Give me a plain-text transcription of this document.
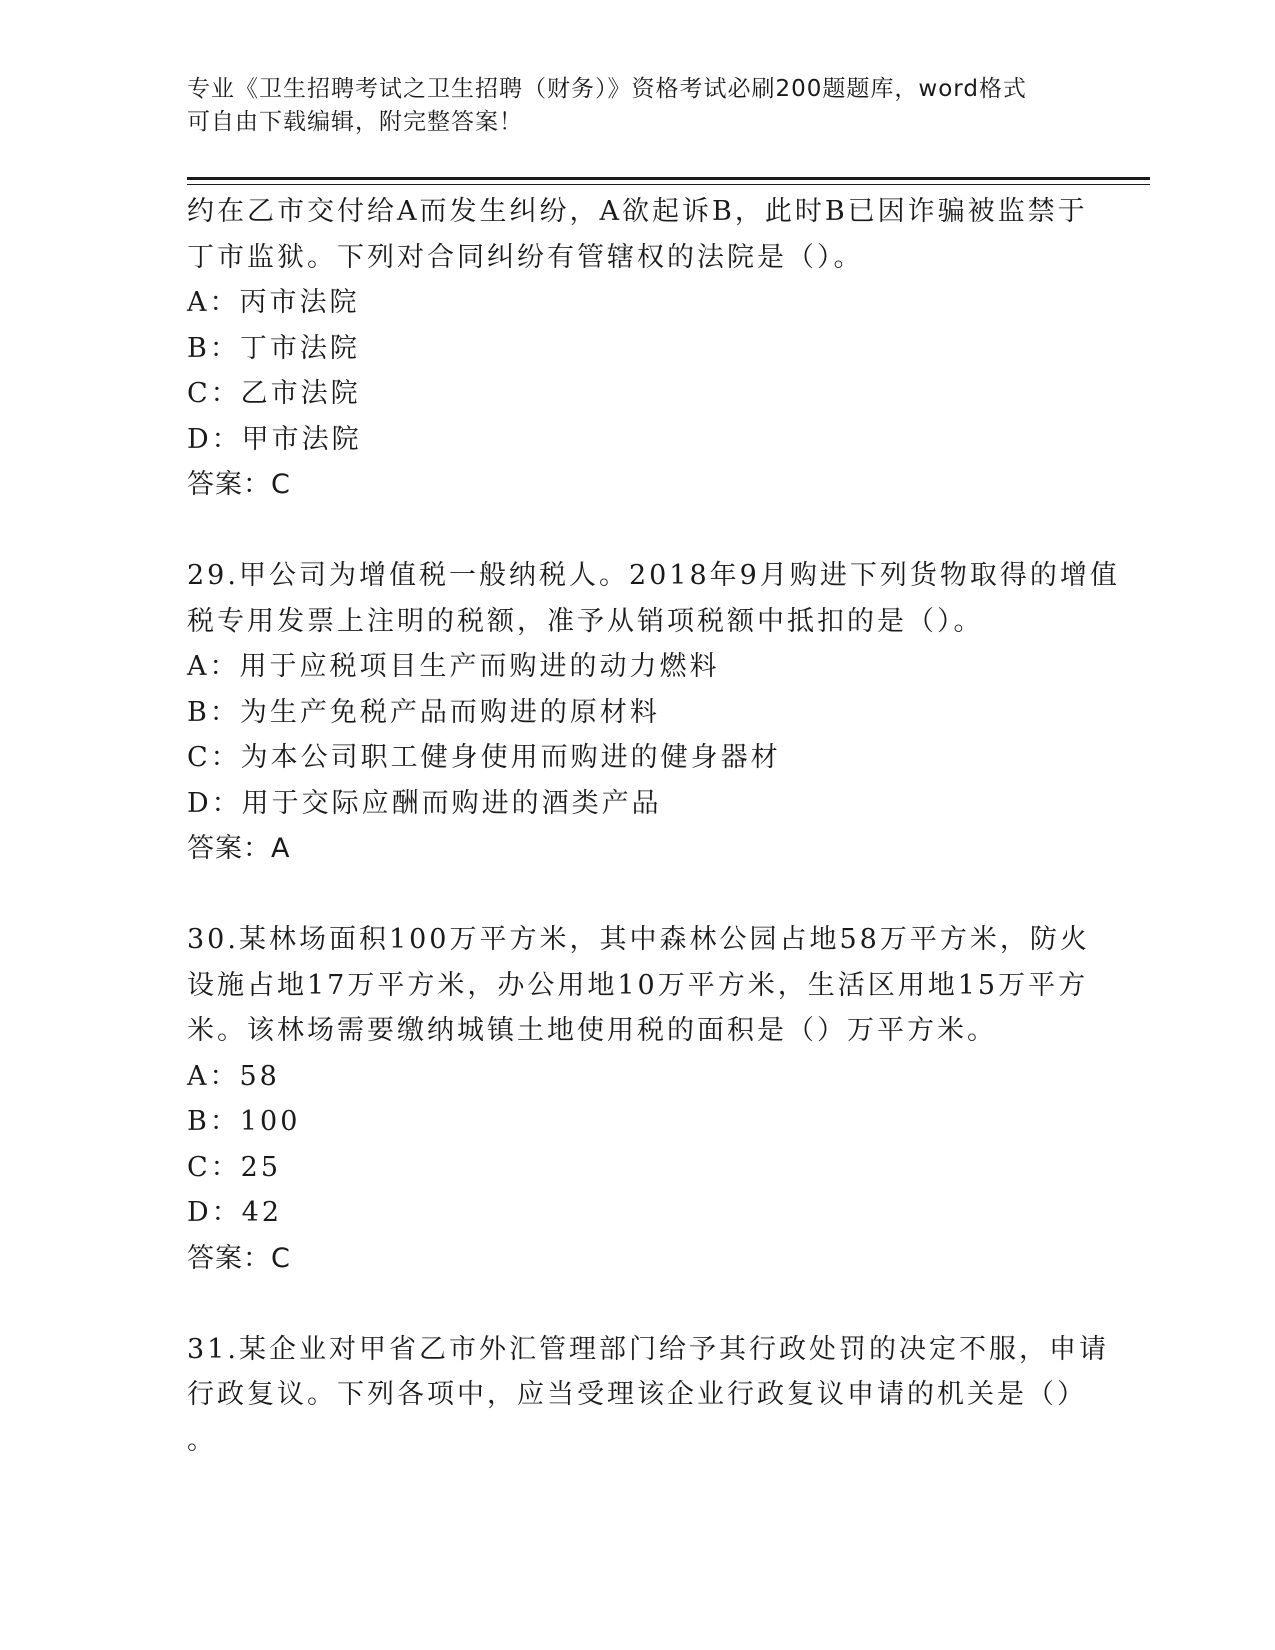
专业《卫生招聘考试之卫生招聘（财务）》资格考试必刷200题题库，word格式
可自由下载编辑，附完整答案！
约在乙市交付给A而发生纠纷，A欲起诉B，此时B已因诈骗被监禁于
丁市监狱。下列对合同纠纷有管辖权的法院是（）。
A：丙市法院
B：丁市法院
C：乙市法院
D：甲市法院
答案：C
29.甲公司为增值税一般纳税人。2018年9月购进下列货物取得的增值
税专用发票上注明的税额，准予从销项税额中抵扣的是（）。
A：用于应税项目生产而购进的动力燃料
B：为生产免税产品而购进的原材料
C：为本公司职工健身使用而购进的健身器材
D：用于交际应酬而购进的酒类产品
答案：A
30.某林场面积100万平方米，其中森林公园占地58万平方米，防火
设施占地17万平方米，办公用地10万平方米，生活区用地15万平方
米。该林场需要缴纳城镇土地使用税的面积是（）万平方米。
A：58
B：100
C：25
D：42
答案：C
31.某企业对甲省乙市外汇管理部门给予其行政处罚的决定不服，申请
行政复议。下列各项中，应当受理该企业行政复议申请的机关是（）
。
